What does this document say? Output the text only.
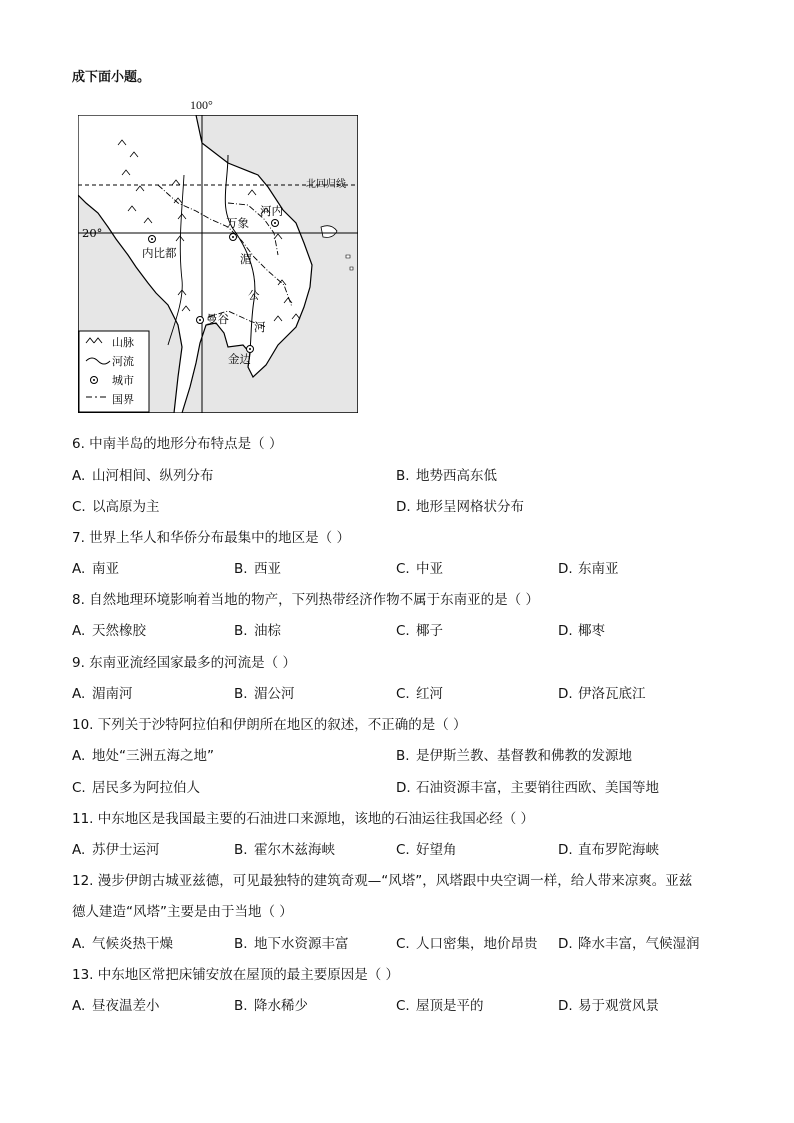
成下面小题。
100°
20°
北回归线
内比都
万象
河内
曼谷
金边
湄
公
河
山脉
河流
城市
国界
6. 中南半岛的地形分布特点是（ ）
A. 山河相间、纵列分布	B. 地势西高东低
C. 以高原为主	D. 地形呈网格状分布
7. 世界上华人和华侨分布最集中的地区是（ ）
A. 南亚	B. 西亚	C. 中亚	D. 东南亚
8. 自然地理环境影响着当地的物产，下列热带经济作物不属于东南亚的是（ ）
A. 天然橡胶	B. 油棕	C. 椰子	D. 椰枣
9. 东南亚流经国家最多的河流是（ ）
A. 湄南河	B. 湄公河	C. 红河	D. 伊洛瓦底江
10. 下列关于沙特阿拉伯和伊朗所在地区的叙述，不正确的是（ ）
A. 地处“三洲五海之地”	B. 是伊斯兰教、基督教和佛教的发源地
C. 居民多为阿拉伯人	D. 石油资源丰富，主要销往西欧、美国等地
11. 中东地区是我国最主要的石油进口来源地，该地的石油运往我国必经（ ）
A. 苏伊士运河	B. 霍尔木兹海峡	C. 好望角	D. 直布罗陀海峡
12. 漫步伊朗古城亚兹德，可见最独特的建筑奇观—“风塔”，风塔跟中央空调一样，给人带来凉爽。亚兹
德人建造“风塔”主要是由于当地（ ）
A. 气候炎热干燥	B. 地下水资源丰富	C. 人口密集，地价昂贵 D. 降水丰富，气候湿润
13. 中东地区常把床铺安放在屋顶的最主要原因是（ ）
A. 昼夜温差小	B. 降水稀少	C. 屋顶是平的	D. 易于观赏风景
